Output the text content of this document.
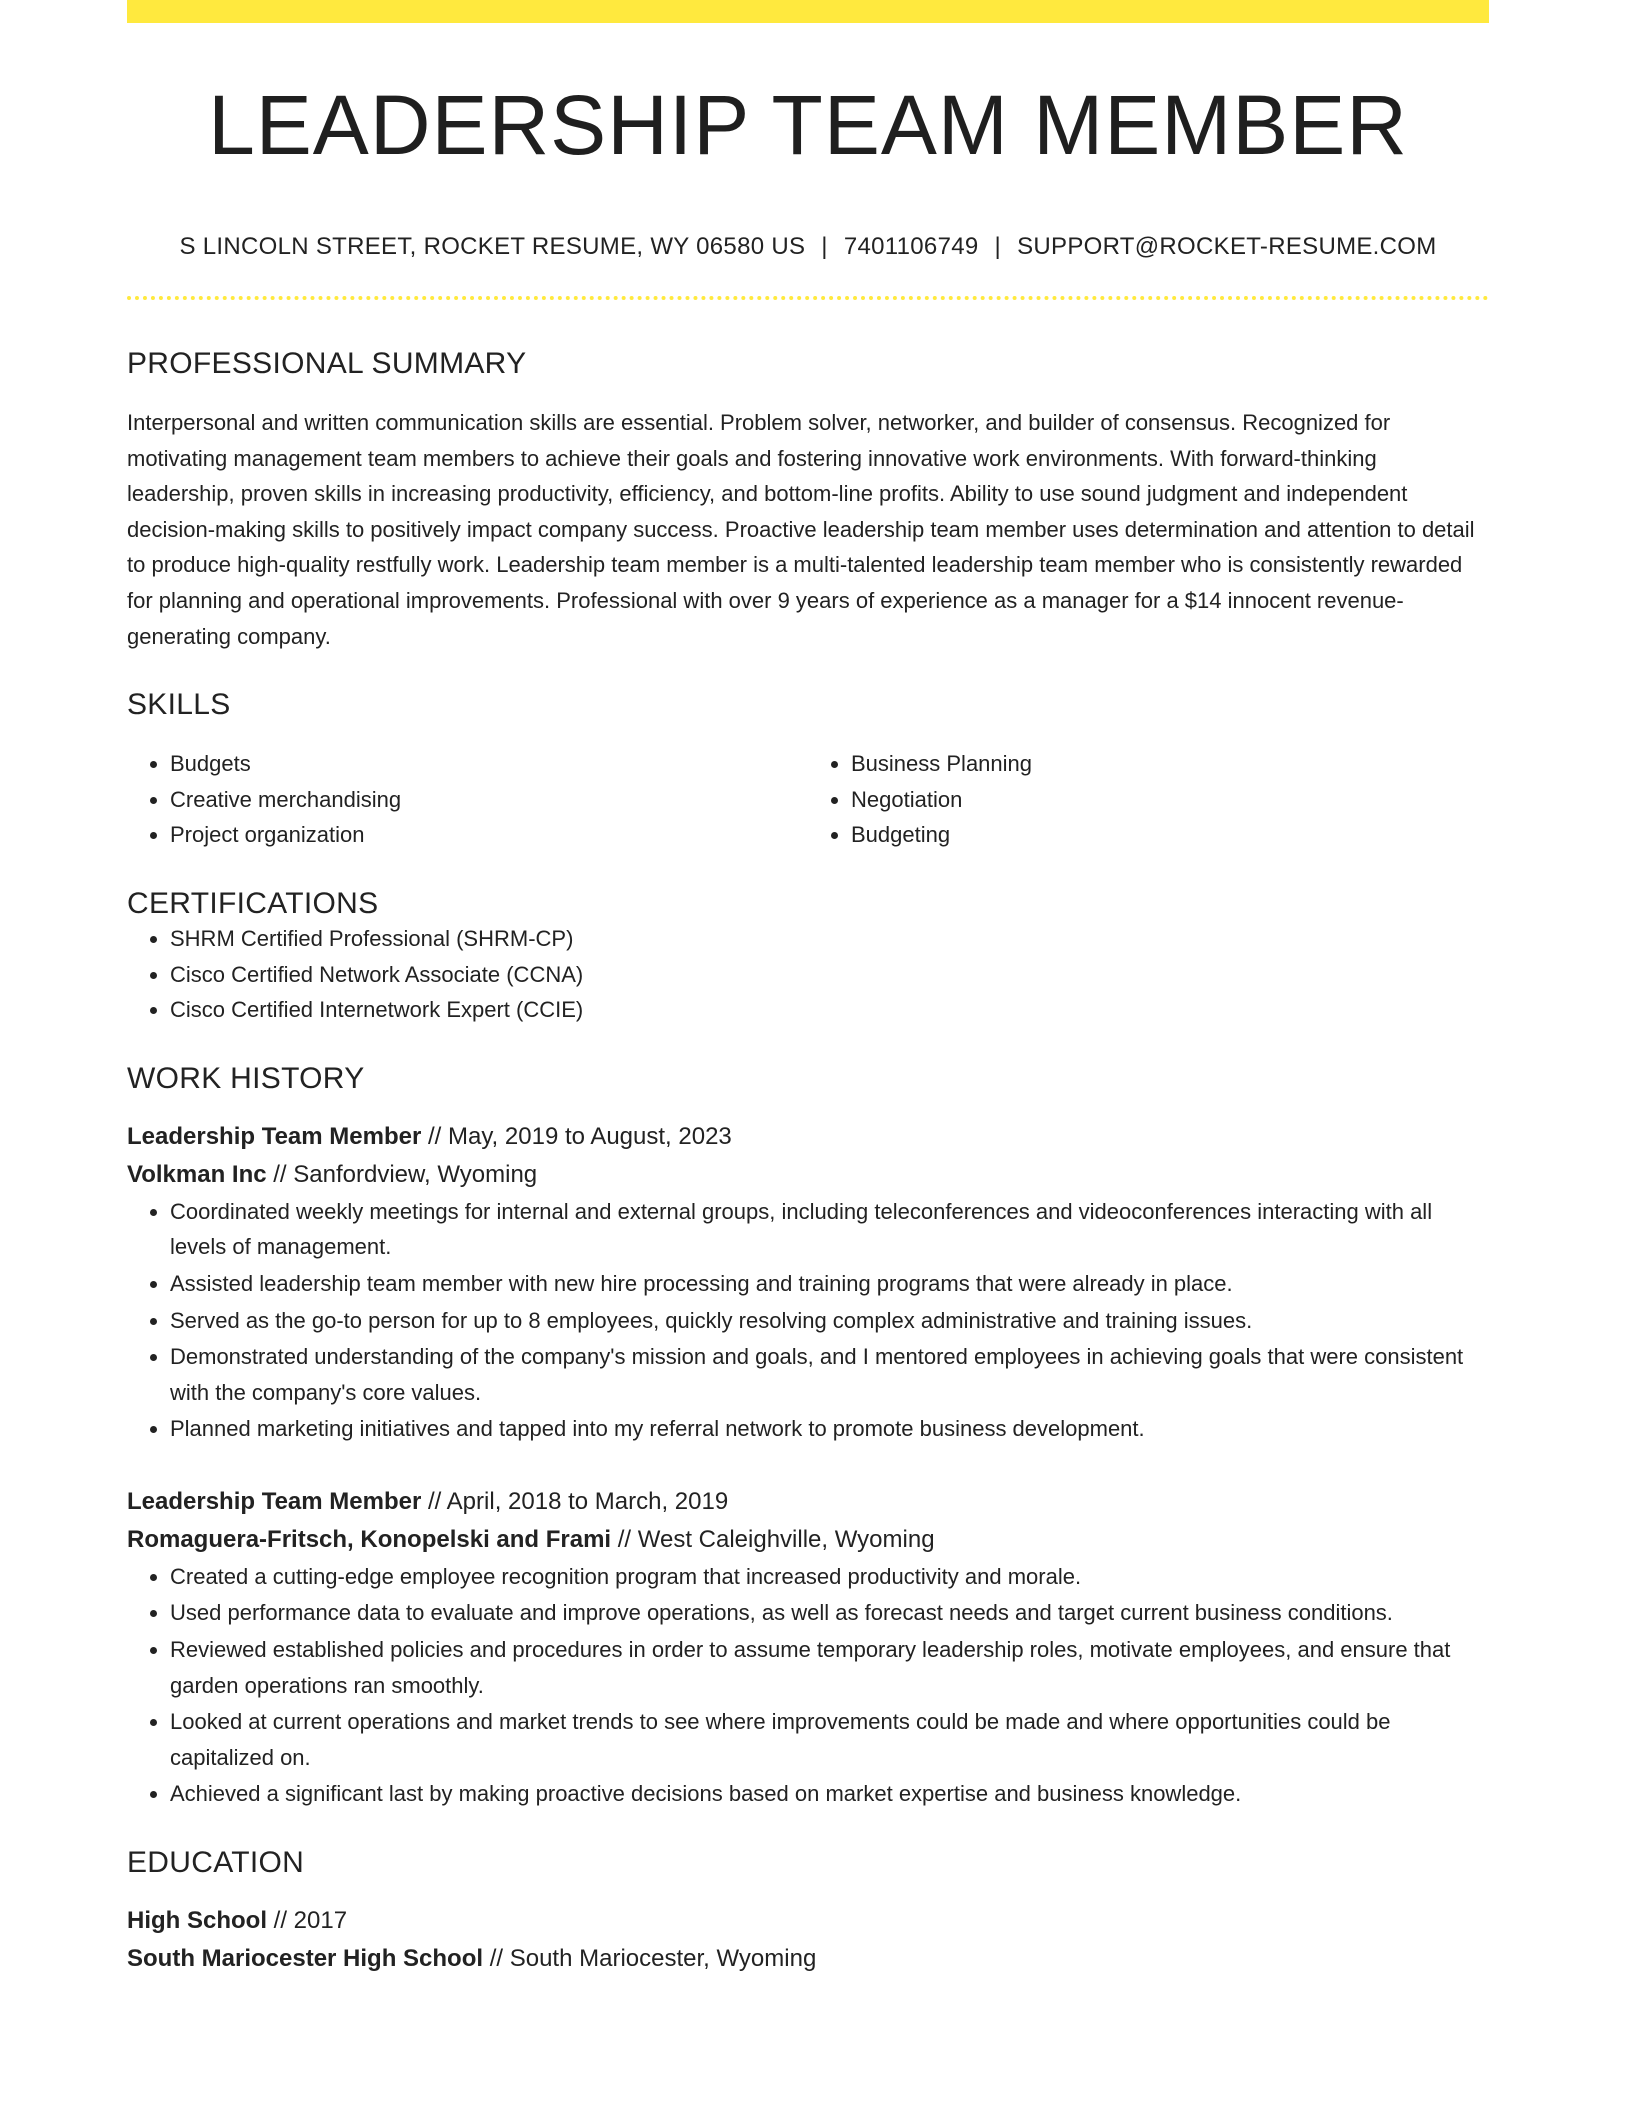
LEADERSHIP TEAM MEMBER
S LINCOLN STREET, ROCKET RESUME, WY 06580 US | 7401106749 | SUPPORT@ROCKET-RESUME.COM
PROFESSIONAL SUMMARY
Interpersonal and written communication skills are essential. Problem solver, networker, and builder of consensus. Recognized for motivating management team members to achieve their goals and fostering innovative work environments. With forward-thinking leadership, proven skills in increasing productivity, efficiency, and bottom-line profits. Ability to use sound judgment and independent decision-making skills to positively impact company success. Proactive leadership team member uses determination and attention to detail to produce high-quality restfully work. Leadership team member is a multi-talented leadership team member who is consistently rewarded for planning and operational improvements. Professional with over 9 years of experience as a manager for a $14 innocent revenue-generating company.
SKILLS
• Budgets
• Creative merchandising
• Project organization
• Business Planning
• Negotiation
• Budgeting
CERTIFICATIONS
• SHRM Certified Professional (SHRM-CP)
• Cisco Certified Network Associate (CCNA)
• Cisco Certified Internetwork Expert (CCIE)
WORK HISTORY
Leadership Team Member // May, 2019 to August, 2023
Volkman Inc // Sanfordview, Wyoming
• Coordinated weekly meetings for internal and external groups, including teleconferences and videoconferences interacting with all levels of management.
• Assisted leadership team member with new hire processing and training programs that were already in place.
• Served as the go-to person for up to 8 employees, quickly resolving complex administrative and training issues.
• Demonstrated understanding of the company's mission and goals, and I mentored employees in achieving goals that were consistent with the company's core values.
• Planned marketing initiatives and tapped into my referral network to promote business development.
Leadership Team Member // April, 2018 to March, 2019
Romaguera-Fritsch, Konopelski and Frami // West Caleighville, Wyoming
• Created a cutting-edge employee recognition program that increased productivity and morale.
• Used performance data to evaluate and improve operations, as well as forecast needs and target current business conditions.
• Reviewed established policies and procedures in order to assume temporary leadership roles, motivate employees, and ensure that garden operations ran smoothly.
• Looked at current operations and market trends to see where improvements could be made and where opportunities could be capitalized on.
• Achieved a significant last by making proactive decisions based on market expertise and business knowledge.
EDUCATION
High School // 2017
South Mariocester High School // South Mariocester, Wyoming
